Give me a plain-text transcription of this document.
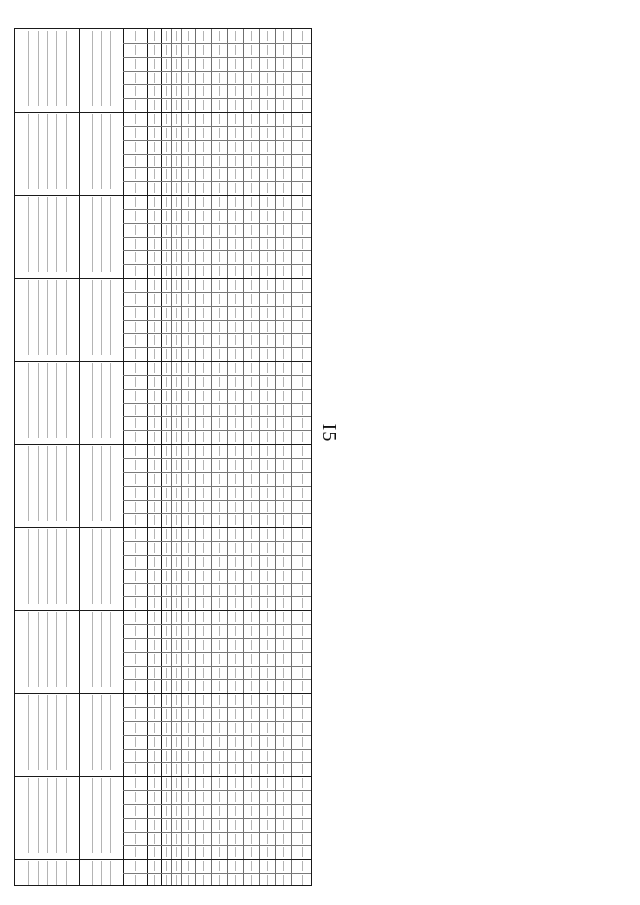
I5
